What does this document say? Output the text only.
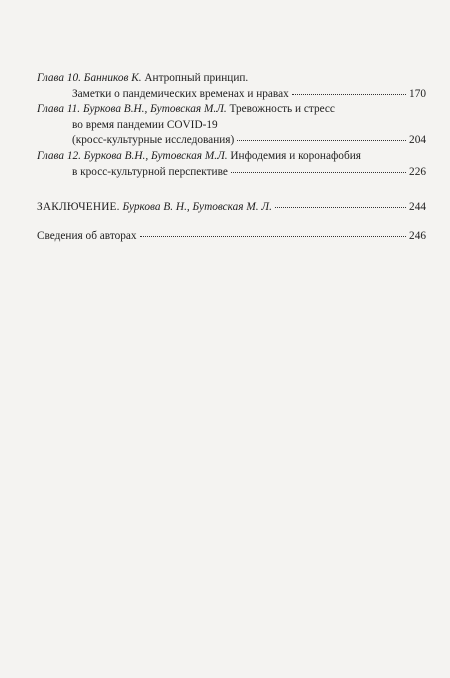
Глава 10. Банников К. Антропный принцип.
Заметки о пандемических временах и нравах	170
Глава 11. Буркова В.Н., Бутовская М.Л. Тревожность и стресс
во время пандемии COVID-19
(кросс-культурные исследования)	204
Глава 12. Буркова В.Н., Бутовская М.Л. Инфодемия и коронафобия
в кросс-культурной перспективе	226
ЗАКЛЮЧЕНИЕ.
Буркова В. Н., Бутовская М. Л.	244
Сведения об авторах	246
